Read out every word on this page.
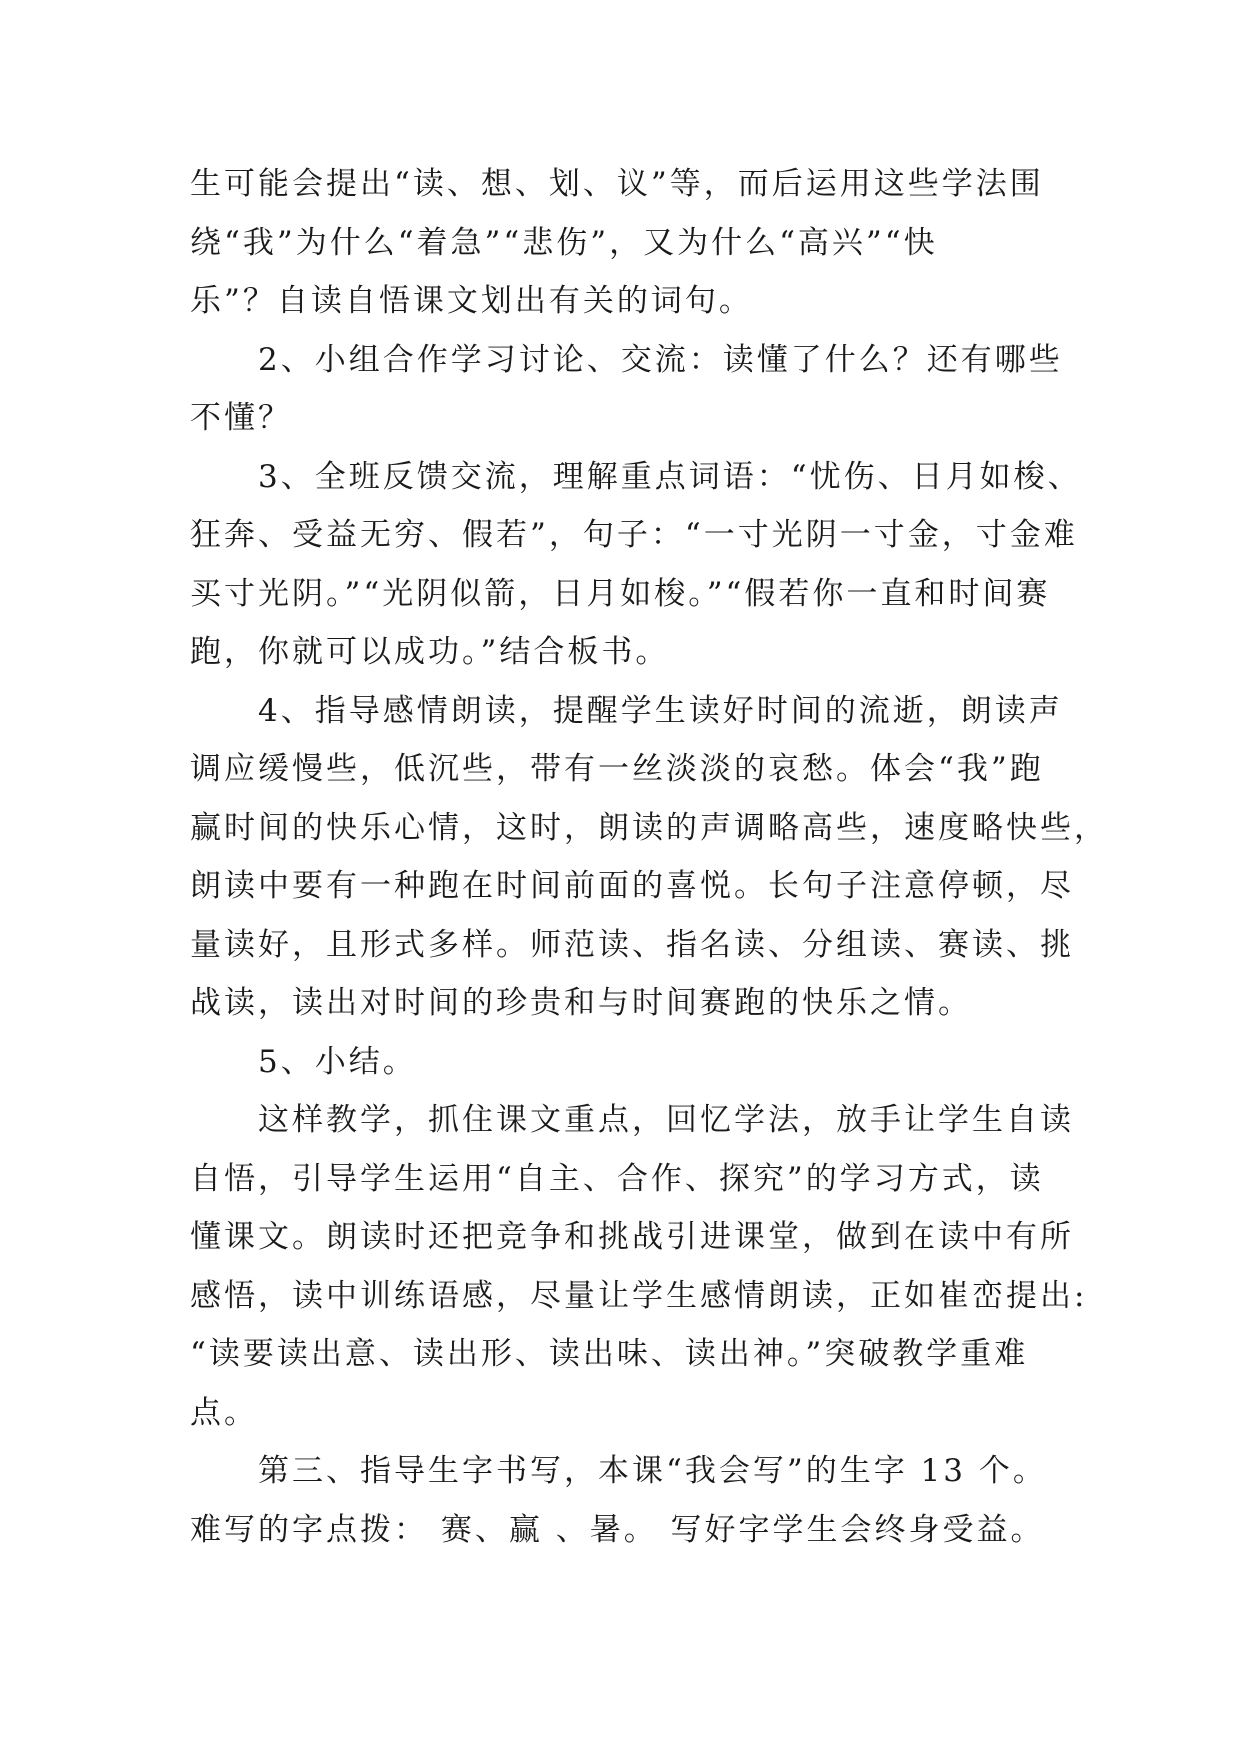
生可能会提出“读、想、划、议”等，而后运用这些学法围
绕“我”为什么“着急”“悲伤”，又为什么“高兴”“快
乐”？自读自悟课文划出有关的词句。
　　2、小组合作学习讨论、交流：读懂了什么？还有哪些
不懂？
　　3、全班反馈交流，理解重点词语：“忧伤、日月如梭、
狂奔、受益无穷、假若”，句子：“一寸光阴一寸金，寸金难
买寸光阴。”“光阴似箭，日月如梭。”“假若你一直和时间赛
跑，你就可以成功。”结合板书。
　　4、指导感情朗读，提醒学生读好时间的流逝，朗读声
调应缓慢些，低沉些，带有一丝淡淡的哀愁。体会“我”跑
赢时间的快乐心情，这时，朗读的声调略高些，速度略快些，
朗读中要有一种跑在时间前面的喜悦。长句子注意停顿，尽
量读好，且形式多样。师范读、指名读、分组读、赛读、挑
战读，读出对时间的珍贵和与时间赛跑的快乐之情。
　　5、小结。
　　这样教学，抓住课文重点，回忆学法，放手让学生自读
自悟，引导学生运用“自主、合作、探究”的学习方式，读
懂课文。朗读时还把竞争和挑战引进课堂，做到在读中有所
感悟，读中训练语感，尽量让学生感情朗读，正如崔峦提出:
“读要读出意、读出形、读出味、读出神。”突破教学重难
点。
　　第三、指导生字书写，本课“我会写”的生字 13 个。
难写的字点拨： 赛、赢 、暑。 写好字学生会终身受益。
